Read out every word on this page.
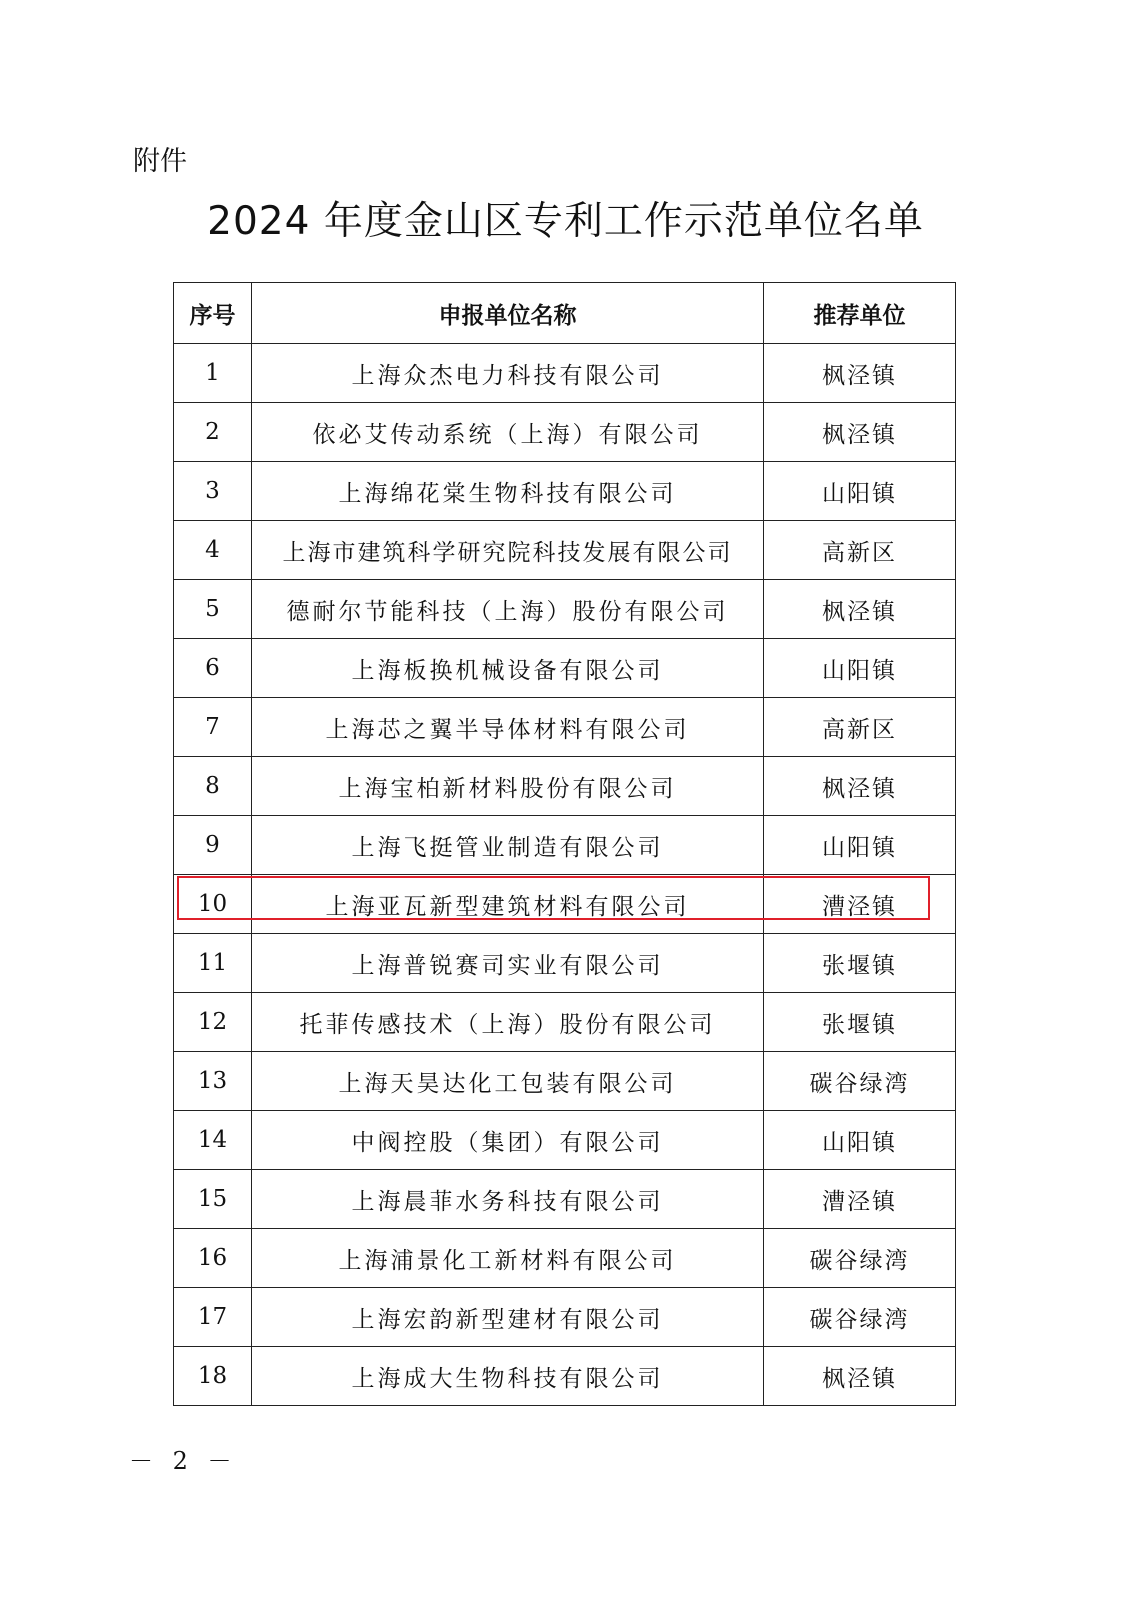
附件
2024 年度金山区专利工作示范单位名单
序号	申报单位名称	推荐单位
1	上海众杰电力科技有限公司	枫泾镇
2	依必艾传动系统（上海）有限公司	枫泾镇
3	上海绵花棠生物科技有限公司	山阳镇
4	上海市建筑科学研究院科技发展有限公司	高新区
5	德耐尔节能科技（上海）股份有限公司	枫泾镇
6	上海板换机械设备有限公司	山阳镇
7	上海芯之翼半导体材料有限公司	高新区
8	上海宝柏新材料股份有限公司	枫泾镇
9	上海飞挺管业制造有限公司	山阳镇
10	上海亚瓦新型建筑材料有限公司	漕泾镇
11	上海普锐赛司实业有限公司	张堰镇
12	托菲传感技术（上海）股份有限公司	张堰镇
13	上海天昊达化工包装有限公司	碳谷绿湾
14	中阀控股（集团）有限公司	山阳镇
15	上海晨菲水务科技有限公司	漕泾镇
16	上海浦景化工新材料有限公司	碳谷绿湾
17	上海宏韵新型建材有限公司	碳谷绿湾
18	上海成大生物科技有限公司	枫泾镇
－ 2 －
